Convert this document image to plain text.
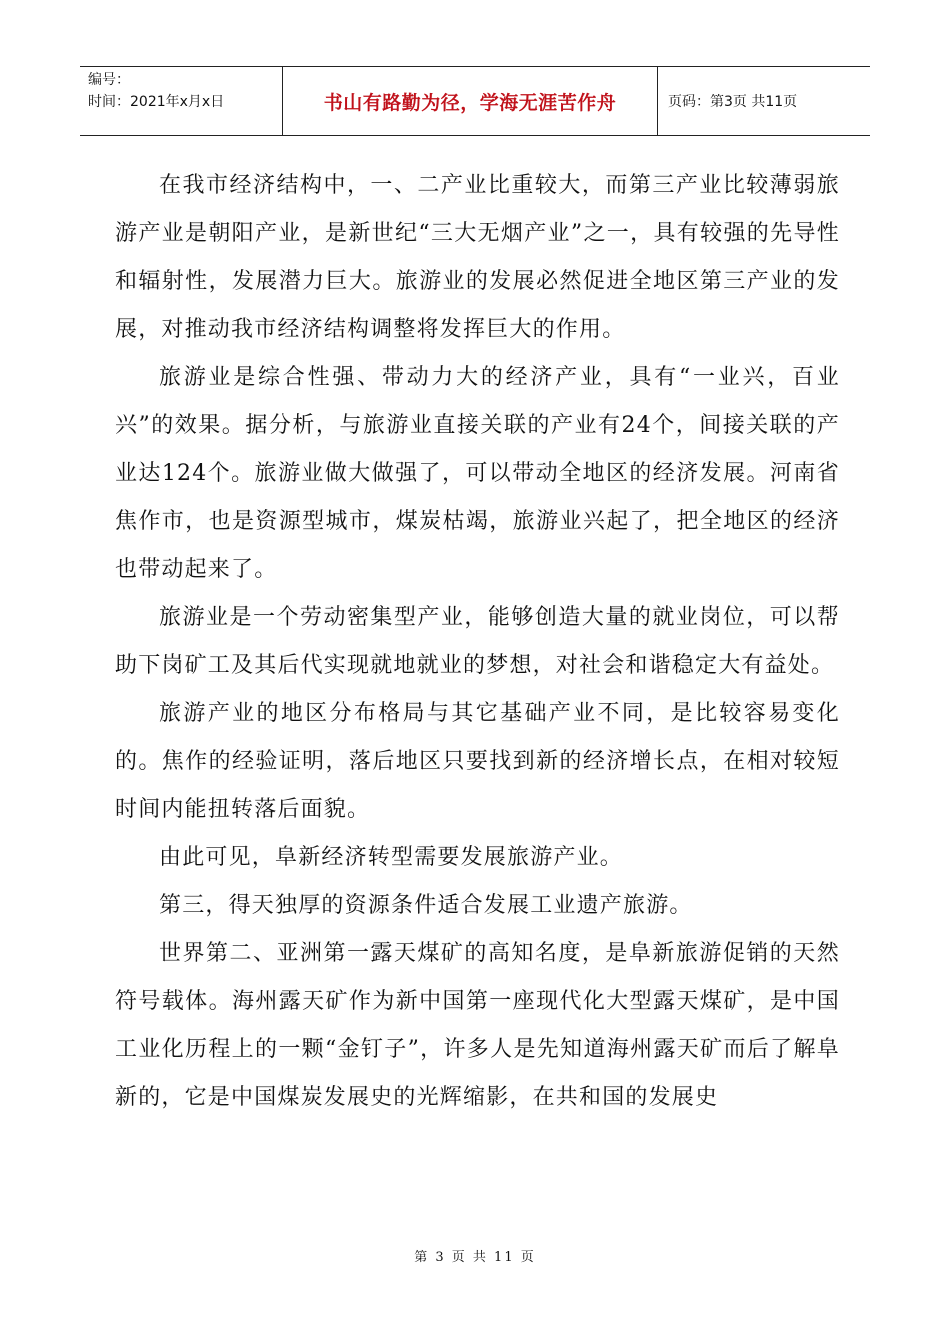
编号：
时间：2021年x月x日	书山有路勤为径，学海无涯苦作舟	页码：第3页 共11页

在我市经济结构中，一、二产业比重较大，而第三产业比较薄弱旅游产业是朝阳产业，是新世纪“三大无烟产业”之一，具有较强的先导性和辐射性，发展潜力巨大。旅游业的发展必然促进全地区第三产业的发展，对推动我市经济结构调整将发挥巨大的作用。

旅游业是综合性强、带动力大的经济产业，具有“一业兴，百业兴”的效果。据分析，与旅游业直接关联的产业有24个，间接关联的产业达124个。旅游业做大做强了，可以带动全地区的经济发展。河南省焦作市，也是资源型城市，煤炭枯竭，旅游业兴起了，把全地区的经济也带动起来了。

旅游业是一个劳动密集型产业，能够创造大量的就业岗位，可以帮助下岗矿工及其后代实现就地就业的梦想，对社会和谐稳定大有益处。

旅游产业的地区分布格局与其它基础产业不同，是比较容易变化的。焦作的经验证明，落后地区只要找到新的经济增长点，在相对较短时间内能扭转落后面貌。

由此可见，阜新经济转型需要发展旅游产业。

第三，得天独厚的资源条件适合发展工业遗产旅游。

世界第二、亚洲第一露天煤矿的高知名度，是阜新旅游促销的天然符号载体。海州露天矿作为新中国第一座现代化大型露天煤矿，是中国工业化历程上的一颗“金钉子”，许多人是先知道海州露天矿而后了解阜新的，它是中国煤炭发展史的光辉缩影，在共和国的发展史

第 3 页 共 11 页
